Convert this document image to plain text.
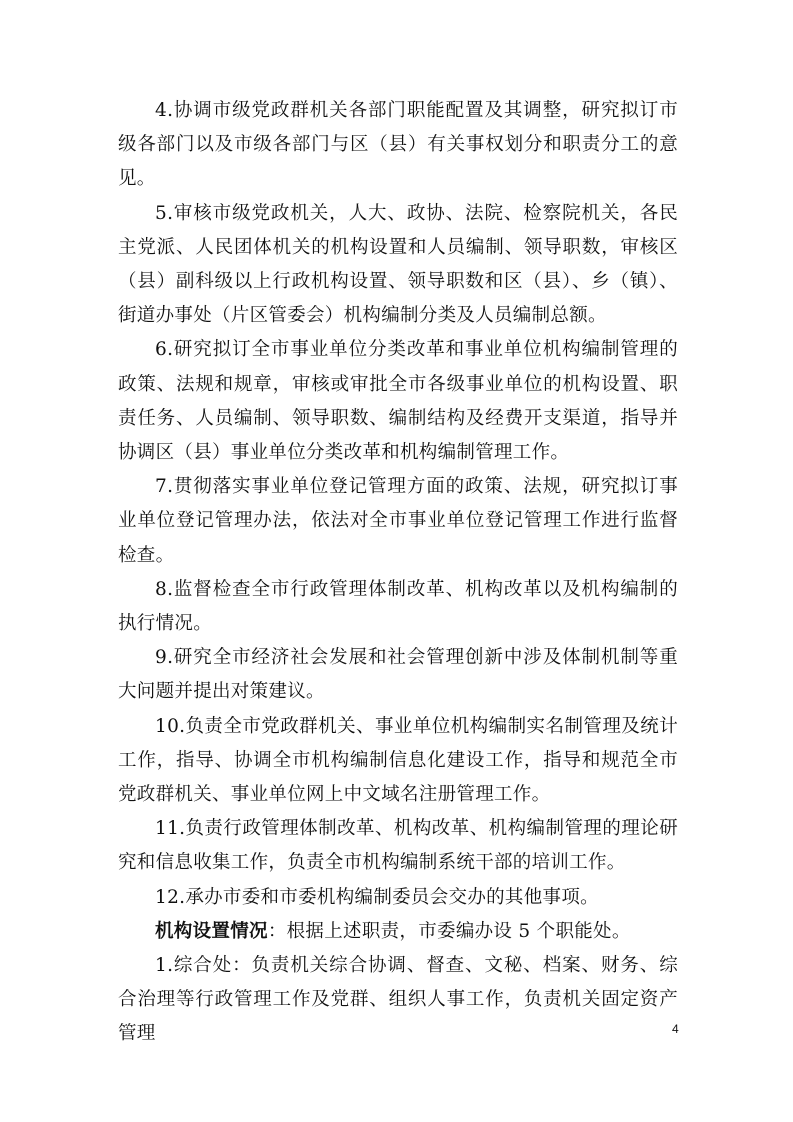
4.协调市级党政群机关各部门职能配置及其调整，研究拟订市级各部门以及市级各部门与区（县）有关事权划分和职责分工的意见。

5.审核市级党政机关，人大、政协、法院、检察院机关，各民主党派、人民团体机关的机构设置和人员编制、领导职数，审核区（县）副科级以上行政机构设置、领导职数和区（县）、乡（镇）、街道办事处（片区管委会）机构编制分类及人员编制总额。

6.研究拟订全市事业单位分类改革和事业单位机构编制管理的政策、法规和规章，审核或审批全市各级事业单位的机构设置、职责任务、人员编制、领导职数、编制结构及经费开支渠道，指导并协调区（县）事业单位分类改革和机构编制管理工作。

7.贯彻落实事业单位登记管理方面的政策、法规，研究拟订事业单位登记管理办法，依法对全市事业单位登记管理工作进行监督检查。

8.监督检查全市行政管理体制改革、机构改革以及机构编制的执行情况。

9.研究全市经济社会发展和社会管理创新中涉及体制机制等重大问题并提出对策建议。

10.负责全市党政群机关、事业单位机构编制实名制管理及统计工作，指导、协调全市机构编制信息化建设工作，指导和规范全市党政群机关、事业单位网上中文域名注册管理工作。

11.负责行政管理体制改革、机构改革、机构编制管理的理论研究和信息收集工作，负责全市机构编制系统干部的培训工作。

12.承办市委和市委机构编制委员会交办的其他事项。

机构设置情况：根据上述职责，市委编办设 5 个职能处。

1.综合处：负责机关综合协调、督查、文秘、档案、财务、综合治理等行政管理工作及党群、组织人事工作，负责机关固定资产管理	4
